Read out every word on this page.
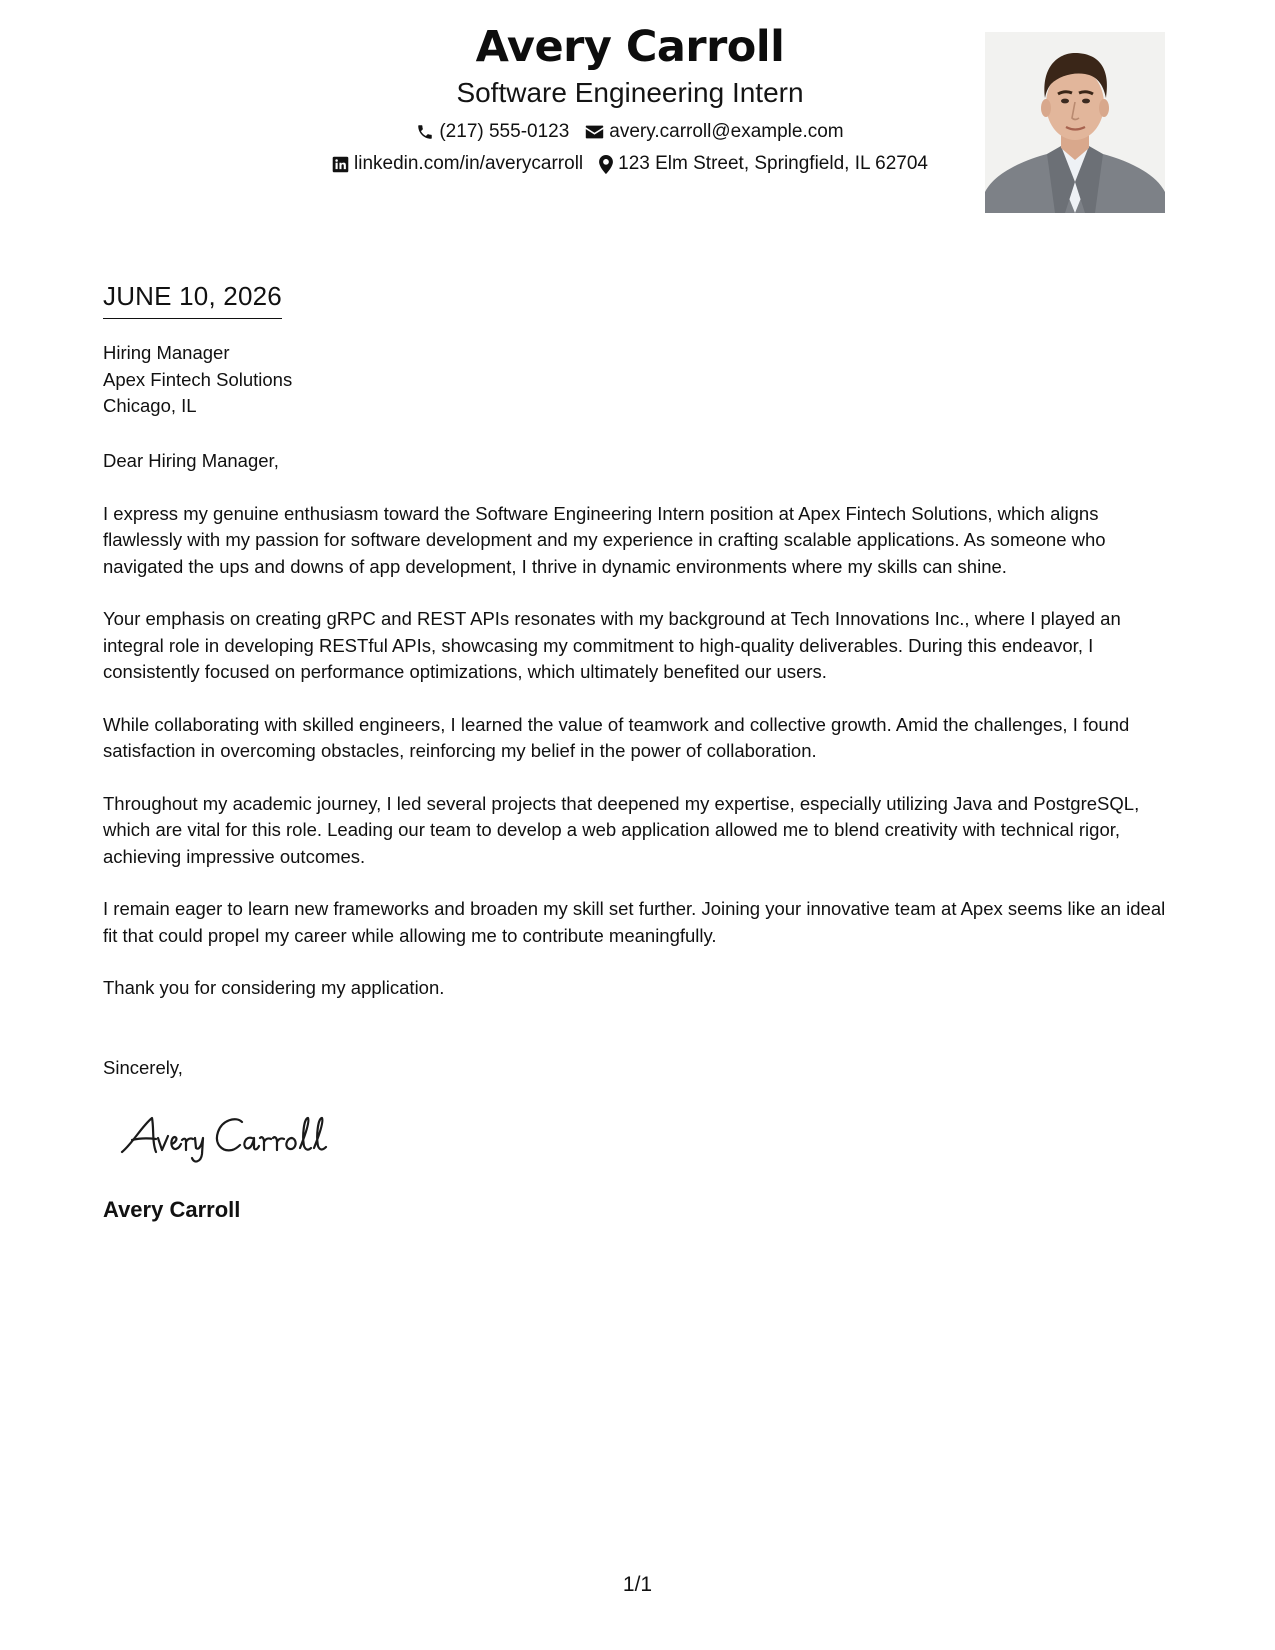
Avery Carroll
Software Engineering Intern
(217) 555-0123 avery.carroll@example.com
linkedin.com/in/averycarroll 123 Elm Street, Springfield, IL 62704
JUNE 10, 2026
Hiring Manager
Apex Fintech Solutions
Chicago, IL

Dear Hiring Manager,

I express my genuine enthusiasm toward the Software Engineering Intern position at Apex Fintech Solutions, which aligns flawlessly with my passion for software development and my experience in crafting scalable applications. As someone who navigated the ups and downs of app development, I thrive in dynamic environments where my skills can shine.

Your emphasis on creating gRPC and REST APIs resonates with my background at Tech Innovations Inc., where I played an integral role in developing RESTful APIs, showcasing my commitment to high-quality deliverables. During this endeavor, I consistently focused on performance optimizations, which ultimately benefited our users.

While collaborating with skilled engineers, I learned the value of teamwork and collective growth. Amid the challenges, I found satisfaction in overcoming obstacles, reinforcing my belief in the power of collaboration.

Throughout my academic journey, I led several projects that deepened my expertise, especially utilizing Java and PostgreSQL, which are vital for this role. Leading our team to develop a web application allowed me to blend creativity with technical rigor, achieving impressive outcomes.

I remain eager to learn new frameworks and broaden my skill set further. Joining your innovative team at Apex seems like an ideal fit that could propel my career while allowing me to contribute meaningfully.

Thank you for considering my application.

Sincerely,
Avery Carroll
1/1
